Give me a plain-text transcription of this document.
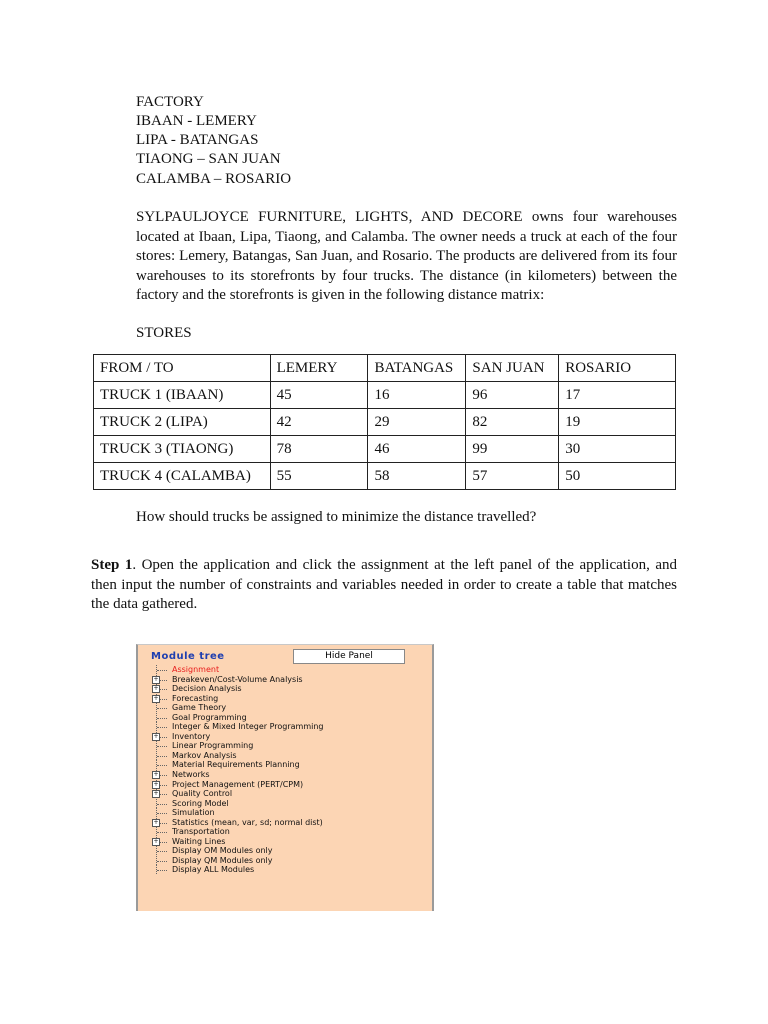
FACTORY

IBAAN - LEMERY

LIPA - BATANGAS

TIAONG – SAN JUAN

CALAMBA – ROSARIO

SYLPAULJOYCE FURNITURE, LIGHTS, AND DECORE owns four warehouses located at Ibaan, Lipa, Tiaong, and Calamba. The owner needs a truck at each of the four stores: Lemery, Batangas, San Juan, and Rosario. The products are delivered from its four warehouses to its storefronts by four trucks. The distance (in kilometers) between the factory and the storefronts is given in the following distance matrix:

STORES

FROM / TO	LEMERY	BATANGAS	SAN JUAN	ROSARIO
TRUCK 1 (IBAAN)	45	16	96	17
TRUCK 2 (LIPA)	42	29	82	19
TRUCK 3 (TIAONG)	78	46	99	30
TRUCK 4 (CALAMBA)	55	58	57	50

How should trucks be assigned to minimize the distance travelled?

Step 1. Open the application and click the assignment at the left panel of the application, and then input the number of constraints and variables needed in order to create a table that matches the data gathered.

Module tree	Hide Panel
Assignment
+ Breakeven/Cost-Volume Analysis
+ Decision Analysis
+ Forecasting
Game Theory
Goal Programming
Integer & Mixed Integer Programming
+ Inventory
Linear Programming
Markov Analysis
Material Requirements Planning
+ Networks
+ Project Management (PERT/CPM)
+ Quality Control
Scoring Model
Simulation
+ Statistics (mean, var, sd; normal dist)
Transportation
+ Waiting Lines
Display OM Modules only
Display QM Modules only
Display ALL Modules
